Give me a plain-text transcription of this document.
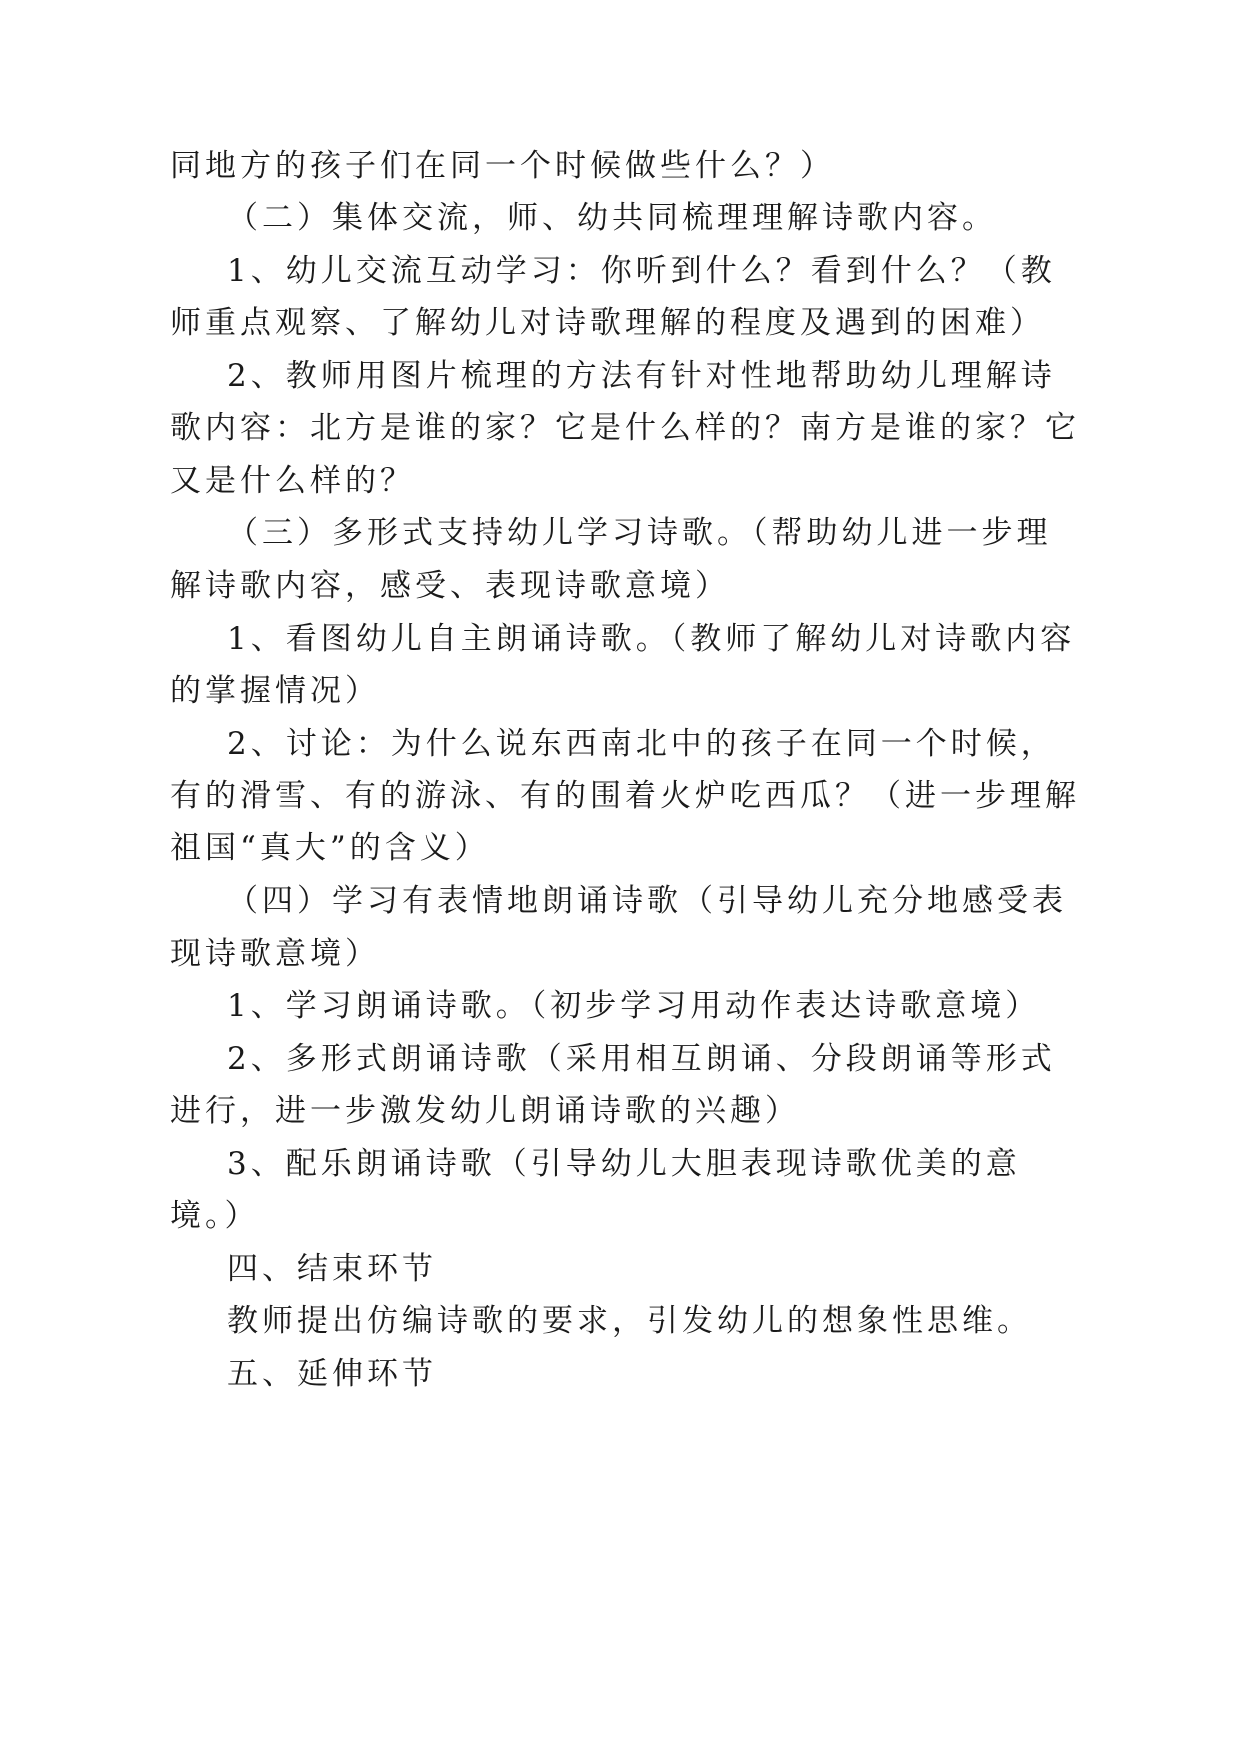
同地方的孩子们在同一个时候做些什么？）
（二）集体交流，师、幼共同梳理理解诗歌内容。
1、幼儿交流互动学习：你听到什么？看到什么？（教
师重点观察、了解幼儿对诗歌理解的程度及遇到的困难）
2、教师用图片梳理的方法有针对性地帮助幼儿理解诗
歌内容：北方是谁的家？它是什么样的？南方是谁的家？它
又是什么样的？
（三）多形式支持幼儿学习诗歌。（帮助幼儿进一步理
解诗歌内容，感受、表现诗歌意境）
1、看图幼儿自主朗诵诗歌。（教师了解幼儿对诗歌内容
的掌握情况）
2、讨论：为什么说东西南北中的孩子在同一个时候，
有的滑雪、有的游泳、有的围着火炉吃西瓜？（进一步理解
祖国“真大”的含义）
（四）学习有表情地朗诵诗歌（引导幼儿充分地感受表
现诗歌意境）
1、学习朗诵诗歌。（初步学习用动作表达诗歌意境）
2、多形式朗诵诗歌（采用相互朗诵、分段朗诵等形式
进行，进一步激发幼儿朗诵诗歌的兴趣）
3、配乐朗诵诗歌（引导幼儿大胆表现诗歌优美的意
境。）
四、结束环节
教师提出仿编诗歌的要求，引发幼儿的想象性思维。
五、延伸环节
